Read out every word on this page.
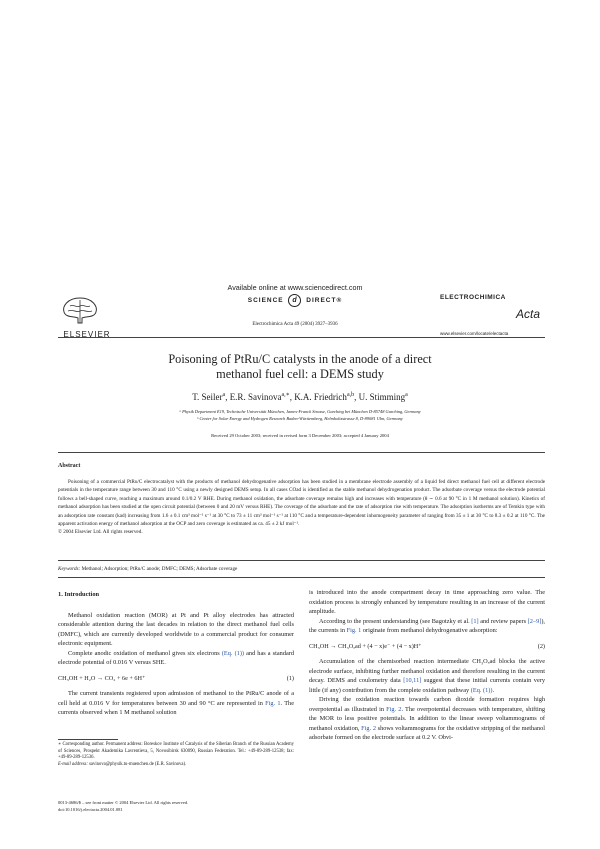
ELSEVIER
Available online at www.sciencedirect.com
SCIENCE d DIRECT®
Electrochimica Acta 49 (2004) 3927–3936
ELECTROCHIMICA
Acta
www.elsevier.com/locate/electacta
Poisoning of PtRu/C catalysts in the anode of a direct
methanol fuel cell: a DEMS study
T. Seiler$^a$, E.R. Savinova$^{a,∗}$, K.A. Friedrich$^{a,b}$, U. Stimming$^a$
ᵃ Physik Department E19, Technische Universität München, James-Franck Strasse, Garching bei München D-85748 Garching, Germany
ᵇ Center for Solar Energy and Hydrogen Research Baden-Württemberg, Helmholtzstrasse 8, D-89081 Ulm, Germany
Received 29 October 2003; received in revised form 3 December 2003; accepted 4 January 2004
Abstract

Poisoning of a commercial PtRu/C electrocatalyst with the products of methanol dehydrogenative adsorption has been studied in a membrane electrode assembly of a liquid fed direct methanol fuel cell at different electrode potentials in the temperature range between 30 and 110 °C using a newly designed DEMS setup. In all cases COad is identified as the stable methanol dehydrogenation product. The adsorbate coverage versus the electrode potential follows a bell-shaped curve, reaching a maximum around 0.1/0.2 V RHE. During methanol oxidation, the adsorbate coverage remains high and increases with temperature (θ ∼ 0.6 at 90 °C in 1 M methanol solution). Kinetics of methanol adsorption has been studied at the open circuit potential (between 0 and 20 mV versus RHE). The coverage of the adsorbate and the rate of adsorption rise with temperature. The adsorption isotherms are of Temkin type with an adsorption rate constant (kad) increasing from 1.6 ± 0.1 cm³ mol⁻¹ s⁻¹ at 30 °C to 73 ± 11 cm³ mol⁻¹ s⁻¹ at 110 °C and a temperature-dependent inhomogeneity parameter of ranging from 35 ± 1 at 30 °C to 8.3 ± 0.2 at 110 °C. The apparent activation energy of methanol adsorption at the OCP and zero coverage is estimated as ca. 45 ± 2 kJ mol⁻¹.

© 2004 Elsevier Ltd. All rights reserved.
Keywords: Methanol; Adsorption; PtRu/C anode; DMFC; DEMS; Adsorbate coverage
1. Introduction

Methanol oxidation reaction (MOR) at Pt and Pt alloy electrodes has attracted considerable attention during the last decades in relation to the direct methanol fuel cells (DMFC), which are currently developed worldwide to a commercial product for consumer electronic equipment.

Complete anodic oxidation of methanol gives six electrons (Eq. (1)) and has a standard electrode potential of 0.016 V versus SHE.

CH₃OH + H₂O → CO₂ + 6e + 6H⁺	(1)

The current transients registered upon admission of methanol to the PtRu/C anode of a cell held at 0.016 V for temperatures between 30 and 90 °C are represented in Fig. 1. The currents observed when 1 M methanol solution

∗ Corresponding author. Permanent address: Boreskov Institute of Catalysis of the Siberian Branch of the Russian Academy of Sciences, Prospekt Akademika Lavrentieva, 5, Novosibirsk 630090, Russian Federation. Tel.: +49-89-289-12538; fax: +49-89-289-12536.

E-mail address: savinova@physik.tu-muenchen.de (E.R. Savinova).

0013-4686/$ – see front matter © 2004 Elsevier Ltd. All rights reserved.
doi:10.1016/j.electacta.2004.01.081

is introduced into the anode compartment decay in time approaching zero value. The oxidation process is strongly enhanced by temperature resulting in an increase of the current amplitude.

According to the present understanding (see Bagotzky et al. [1] and review papers [2–9]), the currents in Fig. 1 originate from methanol dehydrogenative adsorption:

CH₃OH → CH₃Oₓad + (4 − x)e⁻ + (4 − x)H⁺	(2)

Accumulation of the chemisorbed reaction intermediate CH₃Oₓad blocks the active electrode surface, inhibiting further methanol oxidation and therefore resulting in the current decay. DEMS and coulometry data [10,11] suggest that these initial currents contain very little (if any) contribution from the complete oxidation pathway (Eq. (1)).

Driving the oxidation reaction towards carbon dioxide formation requires high overpotential as illustrated in Fig. 2. The overpotential decreases with temperature, shifting the MOR to less positive potentials. In addition to the linear sweep voltammograms of methanol oxidation, Fig. 2 shows voltammograms for the oxidative stripping of the methanol adsorbate formed on the electrode surface at 0.2 V. Obvi-
